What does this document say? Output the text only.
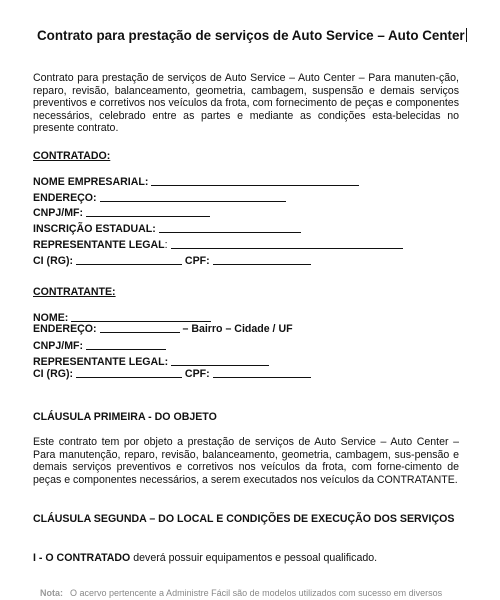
Contrato para prestação de serviços de Auto Service – Auto Center
Contrato para prestação de serviços de Auto Service – Auto Center – Para manuten-ção, reparo, revisão, balanceamento, geometria, cambagem, suspensão e demais serviços preventivos e corretivos nos veículos da frota, com fornecimento de peças e componentes necessários, celebrado entre as partes e mediante as condições esta-belecidas no presente contrato.
CONTRATADO:
NOME EMPRESARIAL:
ENDEREÇO:
CNPJ/MF:
INSCRIÇÃO ESTADUAL:
REPRESENTANTE LEGAL:
CI (RG):	CPF:
CONTRATANTE:
NOME:
ENDEREÇO:	– Bairro – Cidade / UF
CNPJ/MF:
REPRESENTANTE LEGAL:
CI (RG):	CPF:
CLÁUSULA PRIMEIRA - DO OBJETO
Este contrato tem por objeto a prestação de serviços de Auto Service – Auto Center – Para manutenção, reparo, revisão, balanceamento, geometria, cambagem, sus-pensão e demais serviços preventivos e corretivos nos veículos da frota, com forne-cimento de peças e componentes necessários, a serem executados nos veículos da CONTRATANTE.
CLÁUSULA SEGUNDA – DO LOCAL E CONDIÇÕES DE EXECUÇÃO DOS SERVIÇOS
I - O CONTRATADO deverá possuir equipamentos e pessoal qualificado.
Nota: O acervo pertencente a Administre Fácil são de modelos utilizados com sucesso em diversos
